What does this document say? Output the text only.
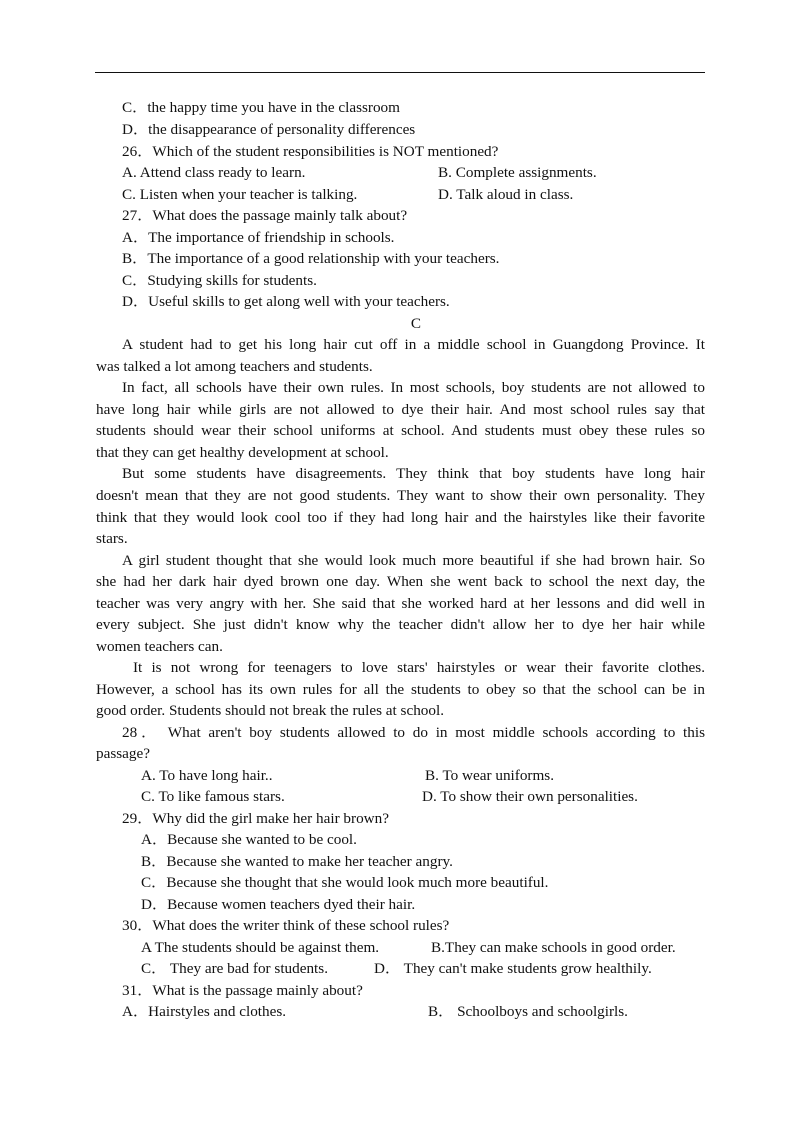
C．the happy time you have in the classroom
D．the disappearance of personality differences
26．Which of the student responsibilities is NOT mentioned?
A. Attend class ready to learn.	B. Complete assignments.
C. Listen when your teacher is talking.	D. Talk aloud in class.
27．What does the passage mainly talk about?
A．The importance of friendship in schools.
B．The importance of a good relationship with your teachers.
C．Studying skills for students.
D．Useful skills to get along well with your teachers.
C
A student had to get his long hair cut off in a middle school in Guangdong Province. It
was talked a lot among teachers and students.
In fact, all schools have their own rules. In most schools, boy students are not allowed to
have long hair while girls are not allowed to dye their hair. And most school rules say that
students should wear their school uniforms at school. And students must obey these rules so
that they can get healthy development at school.
But some students have disagreements. They think that boy students have long hair
doesn't mean that they are not good students. They want to show their own personality. They
think that they would look cool too if they had long hair and the hairstyles like their favorite
stars.
A girl student thought that she would look much more beautiful if she had brown hair. So
she had her dark hair dyed brown one day. When she went back to school the next day, the
teacher was very angry with her. She said that she worked hard at her lessons and did well in
every subject. She just didn't know why the teacher didn't allow her to dye her hair while
women teachers can.
It is not wrong for teenagers to love stars' hairstyles or wear their favorite clothes.
However, a school has its own rules for all the students to obey so that the school can be in
good order. Students should not break the rules at school.
28． What aren't boy students allowed to do in most middle schools according to this
passage?
A. To have long hair..	B. To wear uniforms.
C. To like famous stars.	D. To show their own personalities.
29．Why did the girl make her hair brown?
A．Because she wanted to be cool.
B．Because she wanted to make her teacher angry.
C．Because she thought that she would look much more beautiful.
D．Because women teachers dyed their hair.
30．What does the writer think of these school rules?
A The students should be against them.	B.They can make schools in good order.
C． They are bad for students.	D． They can't make students grow healthily.
31．What is the passage mainly about?
A．Hairstyles and clothes.	B． Schoolboys and schoolgirls.
